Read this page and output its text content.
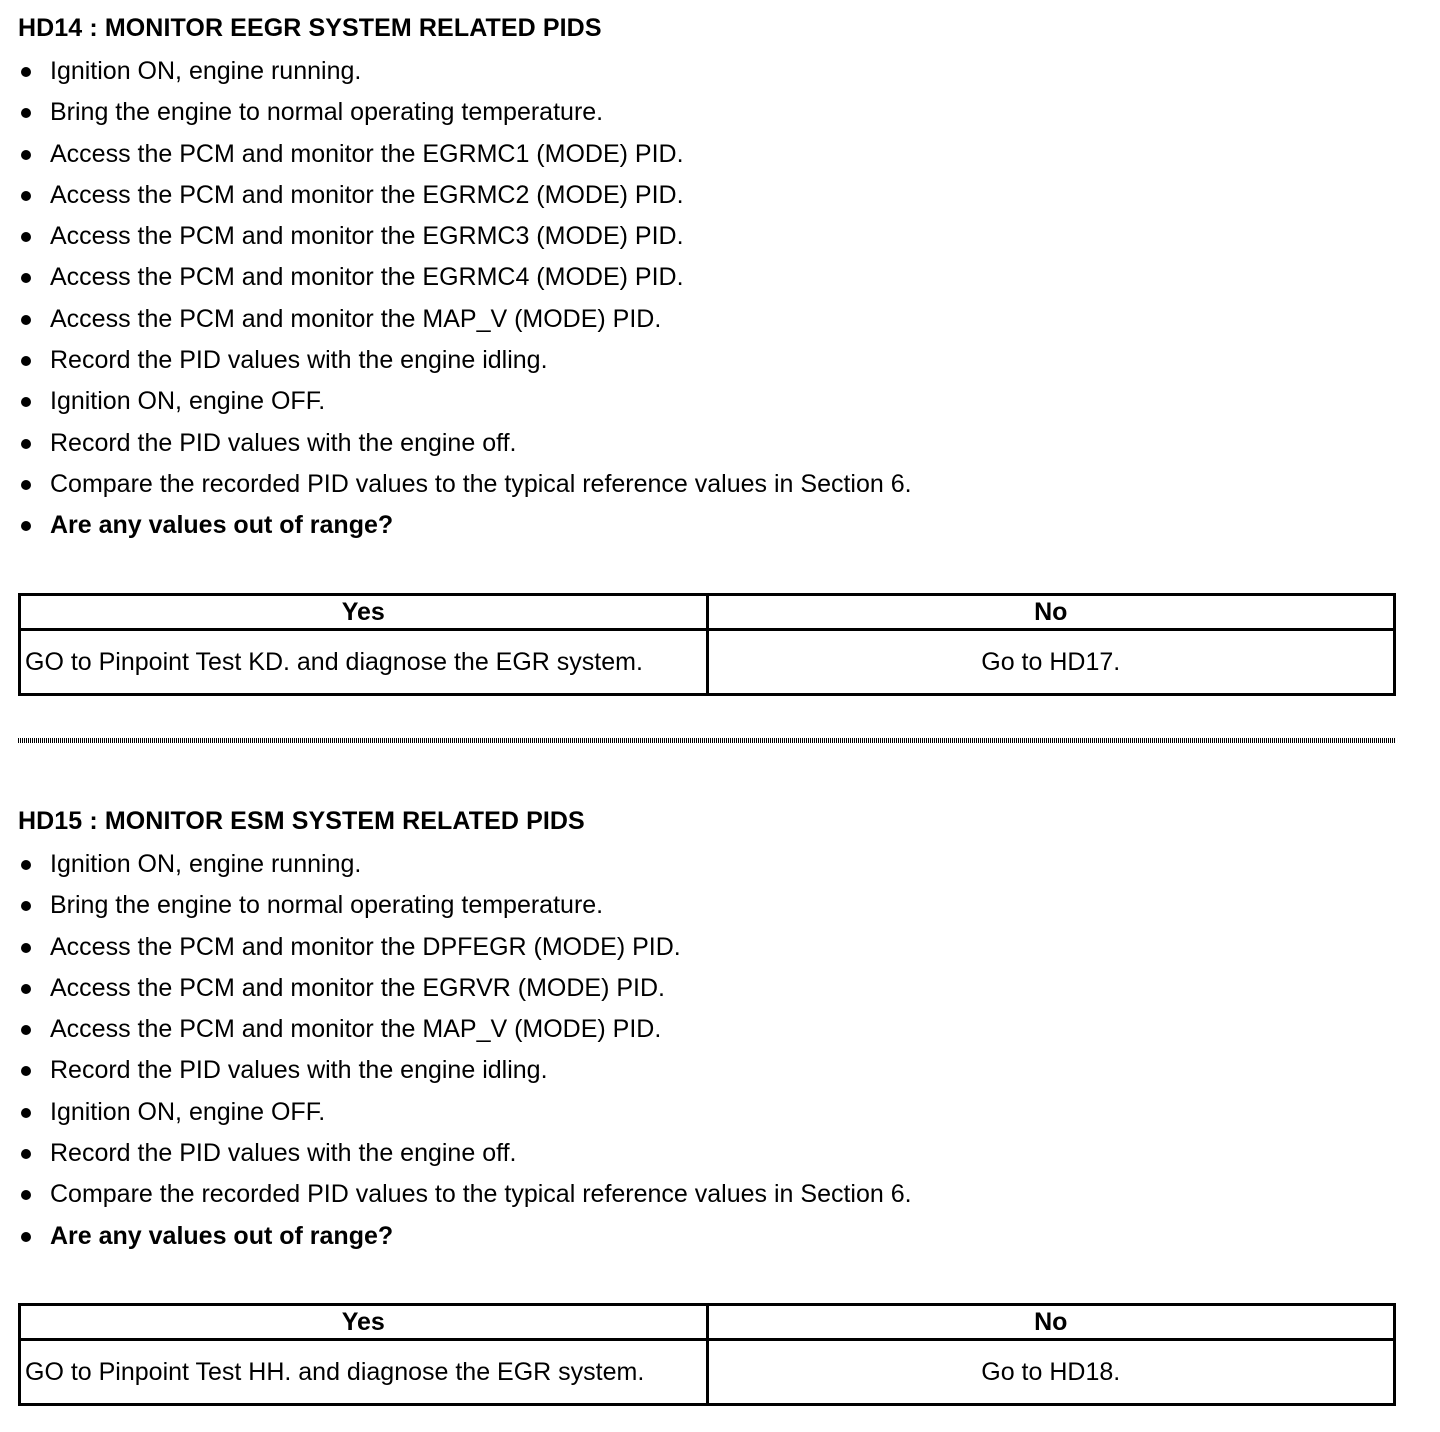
HD14 : MONITOR EEGR SYSTEM RELATED PIDS
Ignition ON, engine running.
Bring the engine to normal operating temperature.
Access the PCM and monitor the EGRMC1 (MODE) PID.
Access the PCM and monitor the EGRMC2 (MODE) PID.
Access the PCM and monitor the EGRMC3 (MODE) PID.
Access the PCM and monitor the EGRMC4 (MODE) PID.
Access the PCM and monitor the MAP_V (MODE) PID.
Record the PID values with the engine idling.
Ignition ON, engine OFF.
Record the PID values with the engine off.
Compare the recorded PID values to the typical reference values in Section 6.
Are any values out of range?
Yes	No
GO to Pinpoint Test KD. and diagnose the EGR system.	Go to HD17.
HD15 : MONITOR ESM SYSTEM RELATED PIDS
Ignition ON, engine running.
Bring the engine to normal operating temperature.
Access the PCM and monitor the DPFEGR (MODE) PID.
Access the PCM and monitor the EGRVR (MODE) PID.
Access the PCM and monitor the MAP_V (MODE) PID.
Record the PID values with the engine idling.
Ignition ON, engine OFF.
Record the PID values with the engine off.
Compare the recorded PID values to the typical reference values in Section 6.
Are any values out of range?
Yes	No
GO to Pinpoint Test HH. and diagnose the EGR system.	Go to HD18.
